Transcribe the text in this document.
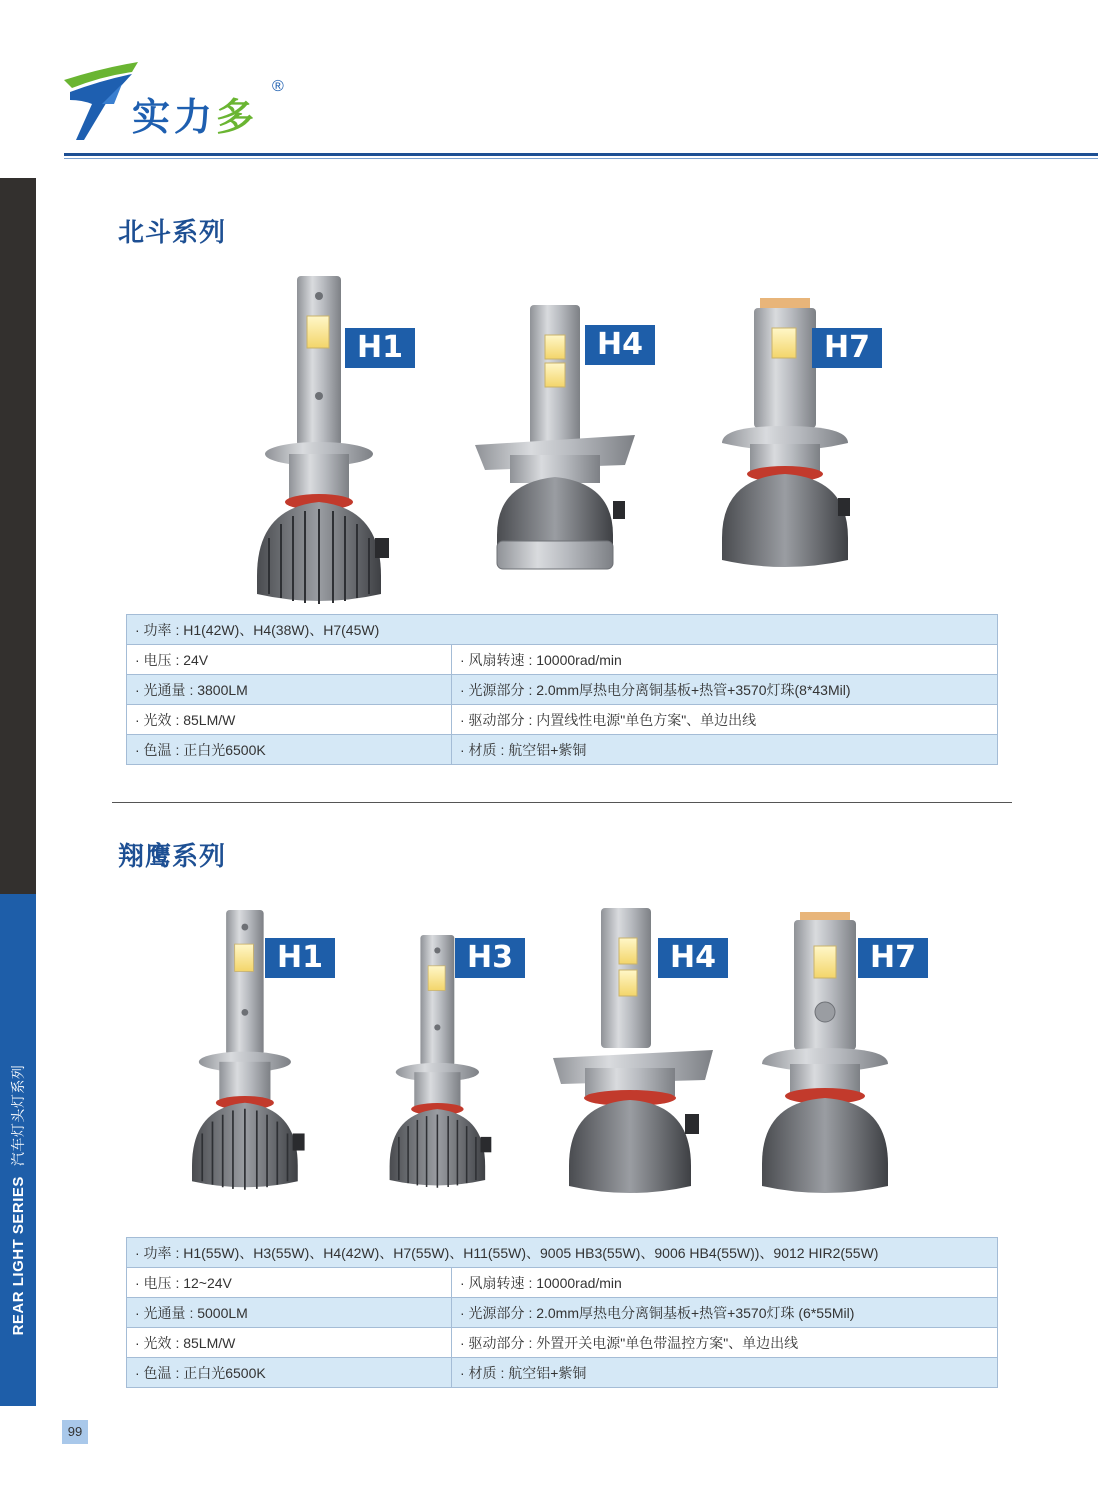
实力多
®
REAR LIGHT SERIES汽车灯头灯系列
99
北斗系列
H1	H4	H7
· 功率 : H1(42W)、H4(38W)、H7(45W)	
· 电压 : 24V	· 风扇转速 : 10000rad/min
· 光通量 : 3800LM	· 光源部分 : 2.0mm厚热电分离铜基板+热管+3570灯珠(8*43Mil)
· 光效 : 85LM/W	· 驱动部分 : 内置线性电源"单色方案"、单边出线
· 色温 : 正白光6500K	· 材质 : 航空铝+紫铜
翔鹰系列
H1	H3	H4	H7
· 功率 : H1(55W)、H3(55W)、H4(42W)、H7(55W)、H11(55W)、9005 HB3(55W)、9006 HB4(55W))、9012 HIR2(55W)	
· 电压 : 12~24V	· 风扇转速 : 10000rad/min
· 光通量 : 5000LM	· 光源部分 : 2.0mm厚热电分离铜基板+热管+3570灯珠 (6*55Mil)
· 光效 : 85LM/W	· 驱动部分 : 外置开关电源"单色带温控方案"、单边出线
· 色温 : 正白光6500K	· 材质 : 航空铝+紫铜
